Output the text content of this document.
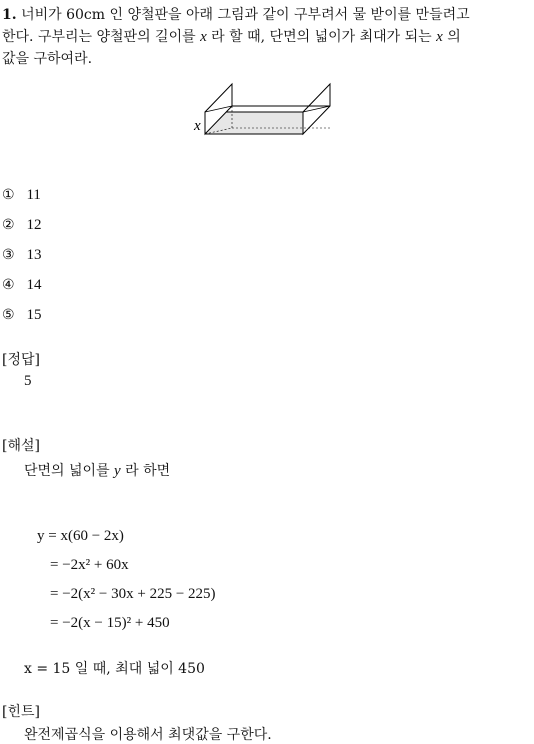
1. 너비가 60cm 인 양철판을 아래 그림과 같이 구부려서 물 받이를 만들려고
한다. 구부리는 양철판의 길이를 x 라 할 때, 단면의 넓이가 최대가 되는 x 의
값을 구하여라.
x
① 11
② 12
③ 13
④ 14
⑤ 15
[정답]
5
[해설]
단면의 넓이를 y 라 하면
y = x(60 − 2x)
= −2x² + 60x
= −2(x² − 30x + 225 − 225)
= −2(x − 15)² + 450
x = 15 일 때, 최대 넓이 450
[힌트]
완전제곱식을 이용해서 최댓값을 구한다.
